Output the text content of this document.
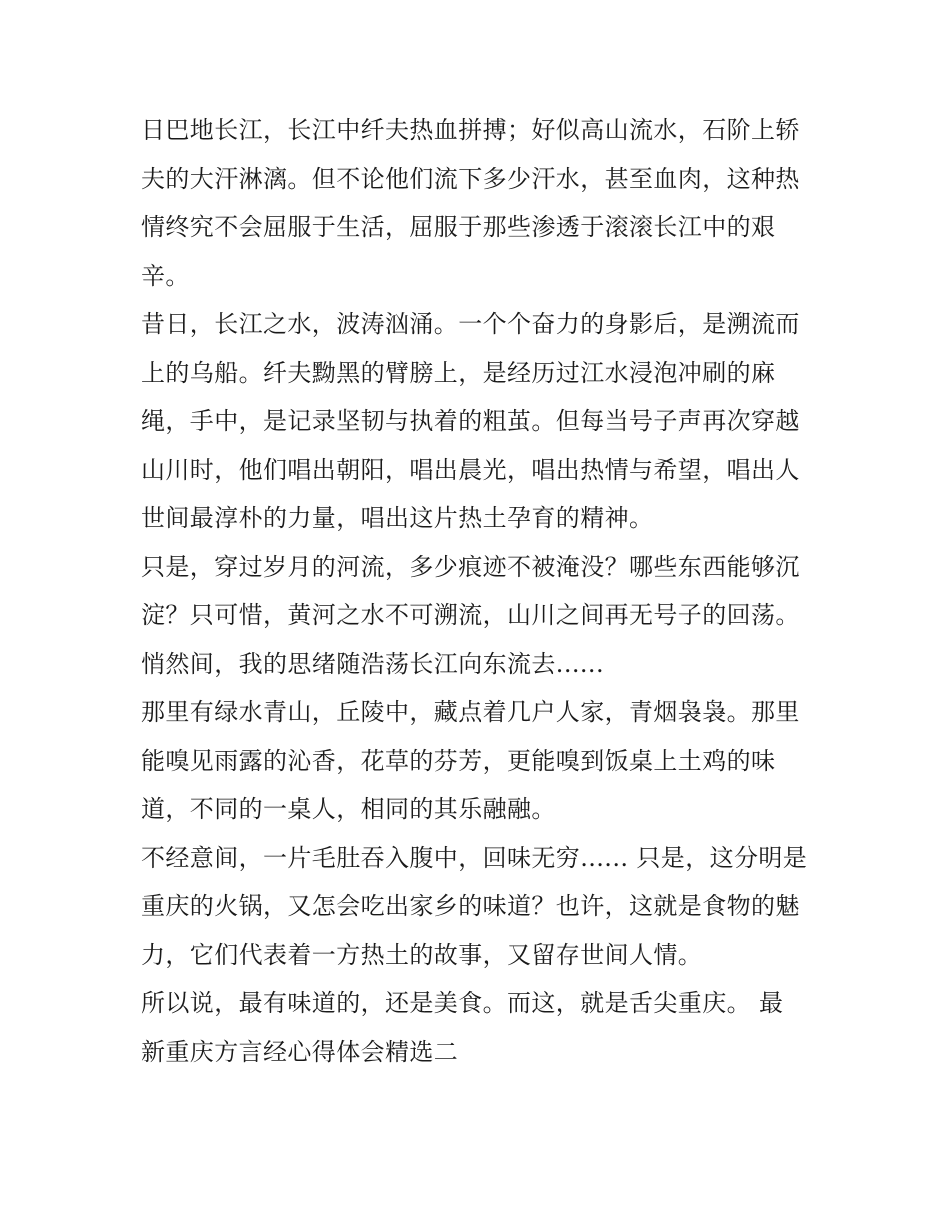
日巴地长江，长江中纤夫热血拼搏；好似高山流水，石阶上轿
夫的大汗淋漓。但不论他们流下多少汗水，甚至血肉，这种热
情终究不会屈服于生活，屈服于那些渗透于滚滚长江中的艰
辛。

昔日，长江之水，波涛汹涌。一个个奋力的身影后，是溯流而
上的乌船。纤夫黝黑的臂膀上，是经历过江水浸泡冲刷的麻
绳，手中，是记录坚韧与执着的粗茧。但每当号子声再次穿越
山川时，他们唱出朝阳，唱出晨光，唱出热情与希望，唱出人
世间最淳朴的力量，唱出这片热土孕育的精神。

只是，穿过岁月的河流，多少痕迹不被淹没？哪些东西能够沉
淀？只可惜，黄河之水不可溯流，山川之间再无号子的回荡。

悄然间，我的思绪随浩荡长江向东流去......

那里有绿水青山，丘陵中，藏点着几户人家，青烟袅袅。那里
能嗅见雨露的沁香，花草的芬芳，更能嗅到饭桌上土鸡的味
道，不同的一桌人，相同的其乐融融。

不经意间，一片毛肚吞入腹中，回味无穷...... 只是，这分明是
重庆的火锅，又怎会吃出家乡的味道？也许，这就是食物的魅
力，它们代表着一方热土的故事，又留存世间人情。

所以说，最有味道的，还是美食。而这，就是舌尖重庆。 最
新重庆方言经心得体会精选二
